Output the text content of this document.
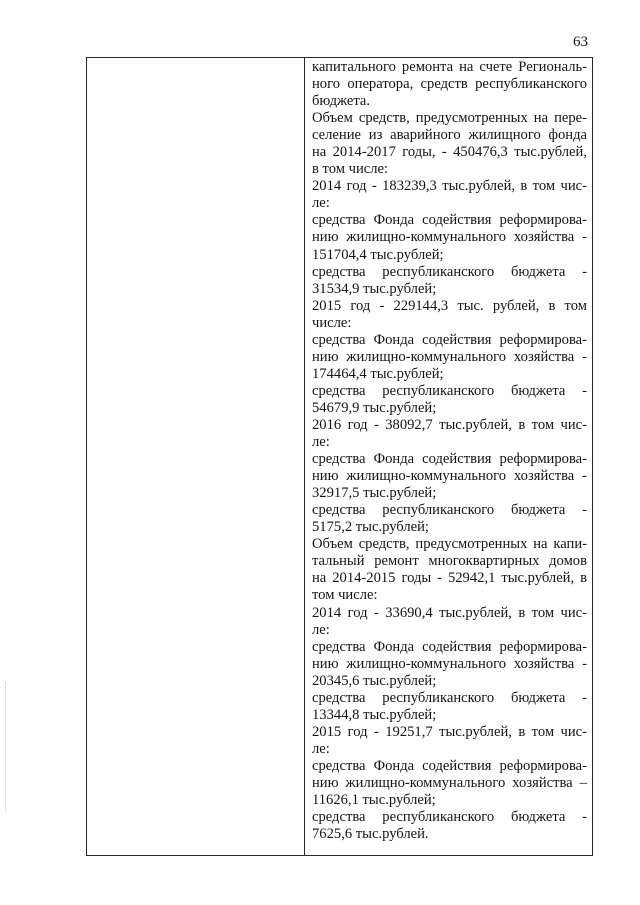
63

капитального ремонта на счете Региональ-

ного оператора, средств республиканского

бюджета.

Объем средств, предусмотренных на пере-

селение из аварийного жилищного фонда

на 2014-2017 годы, - 450476,3 тыс.рублей,

в том числе:

2014 год - 183239,3 тыс.рублей, в том чис-

ле:

средства Фонда содействия реформирова-

нию жилищно-коммунального хозяйства -

151704,4 тыс.рублей;

средства республиканского бюджета -

31534,9 тыс.рублей;

2015 год - 229144,3 тыс. рублей, в том

числе:

средства Фонда содействия реформирова-

нию жилищно-коммунального хозяйства -

174464,4 тыс.рублей;

средства республиканского бюджета -

54679,9 тыс.рублей;

2016 год - 38092,7 тыс.рублей, в том чис-

ле:

средства Фонда содействия реформирова-

нию жилищно-коммунального хозяйства -

32917,5 тыс.рублей;

средства республиканского бюджета -

5175,2 тыс.рублей;

Объем средств, предусмотренных на капи-

тальный ремонт многоквартирных домов

на 2014-2015 годы - 52942,1 тыс.рублей, в

том числе:

2014 год - 33690,4 тыс.рублей, в том чис-

ле:

средства Фонда содействия реформирова-

нию жилищно-коммунального хозяйства -

20345,6 тыс.рублей;

средства республиканского бюджета -

13344,8 тыс.рублей;

2015 год - 19251,7 тыс.рублей, в том чис-

ле:

средства Фонда содействия реформирова-

нию жилищно-коммунального хозяйства –

11626,1 тыс.рублей;

средства республиканского бюджета -

7625,6 тыс.рублей.
